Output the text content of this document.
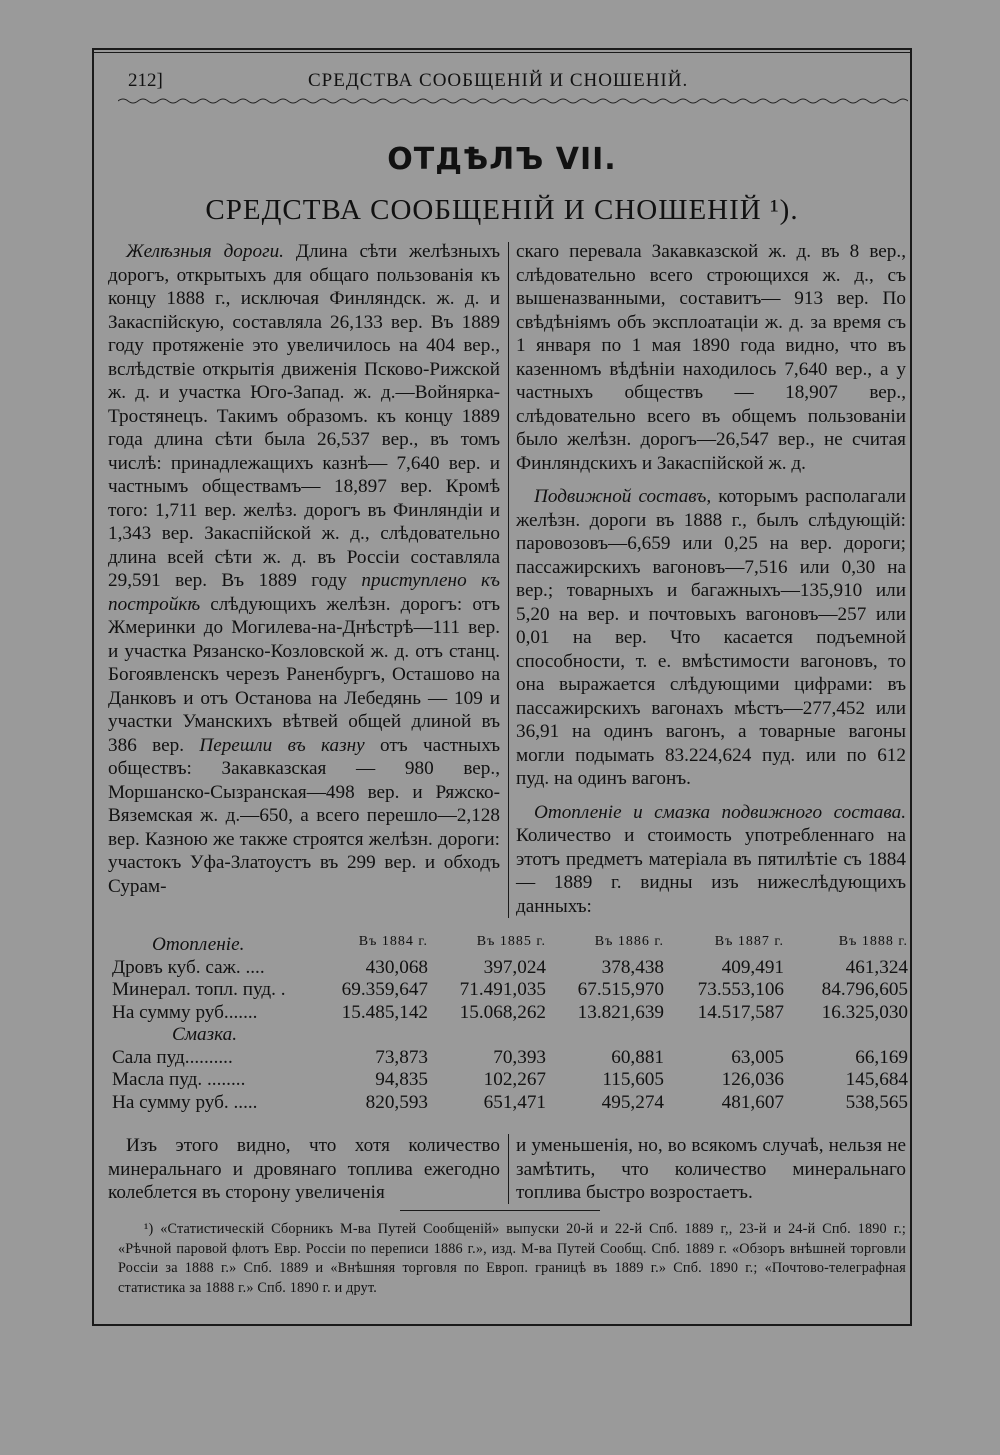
212]	СРЕДСТВА СООБЩЕНІЙ И СНОШЕНІЙ.
ОТДѢЛЪ VII.
СРЕДСТВА СООБЩЕНІЙ И СНОШЕНІЙ ¹).

Желѣзныя дороги. Длина сѣти желѣзныхъ дорогъ, открытыхъ для общаго пользованія къ концу 1888 г., исключая Финляндск. ж. д. и Закаспійскую, составляла 26,133 вер. Въ 1889 году протяженіе это увеличилось на 404 вер., вслѣдствіе открытія движенія Псково-Рижской ж. д. и участка Юго-Запад. ж. д.—Войнярка-Тростянецъ. Такимъ образомъ. къ концу 1889 года длина сѣти была 26,537 вер., въ томъ числѣ: принадлежащихъ казнѣ— 7,640 вер. и частнымъ обществамъ— 18,897 вер. Кромѣ того: 1,711 вер. желѣз. дорогъ въ Финляндіи и 1,343 вер. Закаспійской ж. д., слѣдовательно длина всей сѣти ж. д. въ Россіи составляла 29,591 вер. Въ 1889 году приступлено къ постройкѣ слѣдующихъ желѣзн. дорогъ: отъ Жмеринки до Могилева-на-Днѣстрѣ—111 вер. и участка Рязанско-Козловской ж. д. отъ станц. Богоявленскъ черезъ Раненбургъ, Осташово на Данковъ и отъ Останова на Лебедянь — 109 и участки Уманскихъ вѣтвей общей длиной въ 386 вер. Перешли въ казну отъ частныхъ обществъ: Закавказская — 980 вер., Моршанско-Сызранская—498 вер. и Ряжско-Вяземская ж. д.—650, а всего перешло—2,128 вер. Казною же также строятся желѣзн. дороги: участокъ Уфа-Златоустъ въ 299 вер. и обходъ Сурам-

скаго перевала Закавказской ж. д. въ 8 вер., слѣдовательно всего строющихся ж. д., съ вышеназванными, составитъ— 913 вер. По свѣдѣніямъ объ эксплоатаціи ж. д. за время съ 1 января по 1 мая 1890 года видно, что въ казенномъ вѣдѣніи находилось 7,640 вер., а у частныхъ обществъ — 18,907 вер., слѣдовательно всего въ общемъ пользованіи было желѣзн. дорогъ—26,547 вер., не считая Финляндскихъ и Закаспійской ж. д.

Подвижной составъ, которымъ располагали желѣзн. дороги въ 1888 г., былъ слѣдующій: паровозовъ—6,659 или 0,25 на вер. дороги; пассажирскихъ вагоновъ—7,516 или 0,30 на вер.; товарныхъ и багажныхъ—135,910 или 5,20 на вер. и почтовыхъ вагоновъ—257 или 0,01 на вер. Что касается подъемной способности, т. е. вмѣстимости вагоновъ, то она выражается слѣдующими цифрами: въ пассажирскихъ вагонахъ мѣстъ—277,452 или 36,91 на одинъ вагонъ, а товарные вагоны могли подымать 83.224,624 пуд. или по 612 пуд. на одинъ вагонъ.

Отопленіе и смазка подвижного состава. Количество и стоимость употребленнаго на этотъ предметъ матеріала въ пятилѣтіе съ 1884 — 1889 г. видны изъ нижеслѣдующихъ данныхъ:

Отопленіе.	Въ 1884 г.	Въ 1885 г.	Въ 1886 г.	Въ 1887 г.	Въ 1888 г.
Дровъ куб. саж. ....	430,068	397,024	378,438	409,491	461,324
Минерал. топл. пуд. .	69.359,647	71.491,035	67.515,970	73.553,106	84.796,605
На сумму руб.......	15.485,142	15.068,262	13.821,639	14.517,587	16.325,030
Смазка.
Сала пуд..........	73,873	70,393	60,881	63,005	66,169
Масла пуд. ........	94,835	102,267	115,605	126,036	145,684
На сумму руб. .....	820,593	651,471	495,274	481,607	538,565

Изъ этого видно, что хотя количество минеральнаго и дровянаго топлива ежегодно колеблется въ сторону увеличенія

и уменьшенія, но, во всякомъ случаѣ, нельзя не замѣтить, что количество минеральнаго топлива быстро возростаетъ.

¹) «Статистическій Сборникъ М-ва Путей Сообщеній» выпуски 20-й и 22-й Спб. 1889 г,, 23-й и 24-й Спб. 1890 г.; «Рѣчной паровой флотъ Евр. Россіи по переписи 1886 г.», изд. М-ва Путей Сообщ. Спб. 1889 г. «Обзоръ внѣшней торговли Россіи за 1888 г.» Спб. 1889 и «Внѣшняя торговля по Европ. границѣ въ 1889 г.» Спб. 1890 г.; «Почтово-телеграфная статистика за 1888 г.» Спб. 1890 г. и друт.
